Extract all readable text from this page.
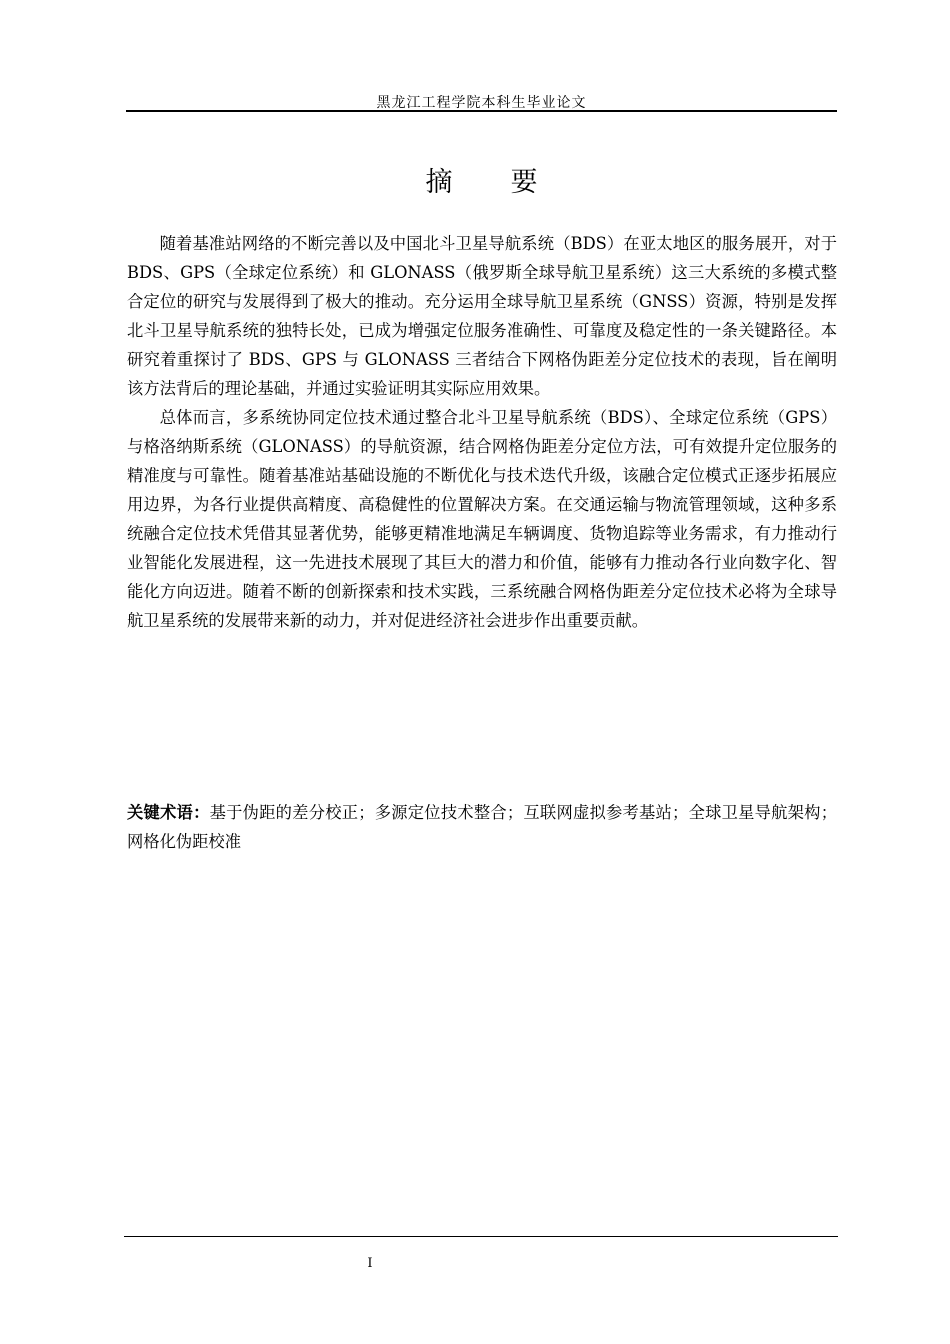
黑龙江工程学院本科生毕业论文
摘要

随着基准站网络的不断完善以及中国北斗卫星导航系统（BDS）在亚太地区的服务展开，对于 BDS、GPS（全球定位系统）和 GLONASS（俄罗斯全球导航卫星系统）这三大系统的多模式整合定位的研究与发展得到了极大的推动。充分运用全球导航卫星系统（GNSS）资源，特别是发挥北斗卫星导航系统的独特长处，已成为增强定位服务准确性、可靠度及稳定性的一条关键路径。本研究着重探讨了 BDS、GPS 与 GLONASS 三者结合下网格伪距差分定位技术的表现，旨在阐明该方法背后的理论基础，并通过实验证明其实际应用效果。

总体而言，多系统协同定位技术通过整合北斗卫星导航系统（BDS）、全球定位系统（GPS）与格洛纳斯系统（GLONASS）的导航资源，结合网格伪距差分定位方法，可有效提升定位服务的精准度与可靠性。随着基准站基础设施的不断优化与技术迭代升级，该融合定位模式正逐步拓展应用边界，为各行业提供高精度、高稳健性的位置解决方案。在交通运输与物流管理领域，这种多系统融合定位技术凭借其显著优势，能够更精准地满足车辆调度、货物追踪等业务需求，有力推动行业智能化发展进程，这一先进技术展现了其巨大的潜力和价值，能够有力推动各行业向数字化、智能化方向迈进。随着不断的创新探索和技术实践，三系统融合网格伪距差分定位技术必将为全球导航卫星系统的发展带来新的动力，并对促进经济社会进步作出重要贡献。

关键术语：基于伪距的差分校正；多源定位技术整合；互联网虚拟参考基站；全球卫星导航架构；网格化伪距校准
I
